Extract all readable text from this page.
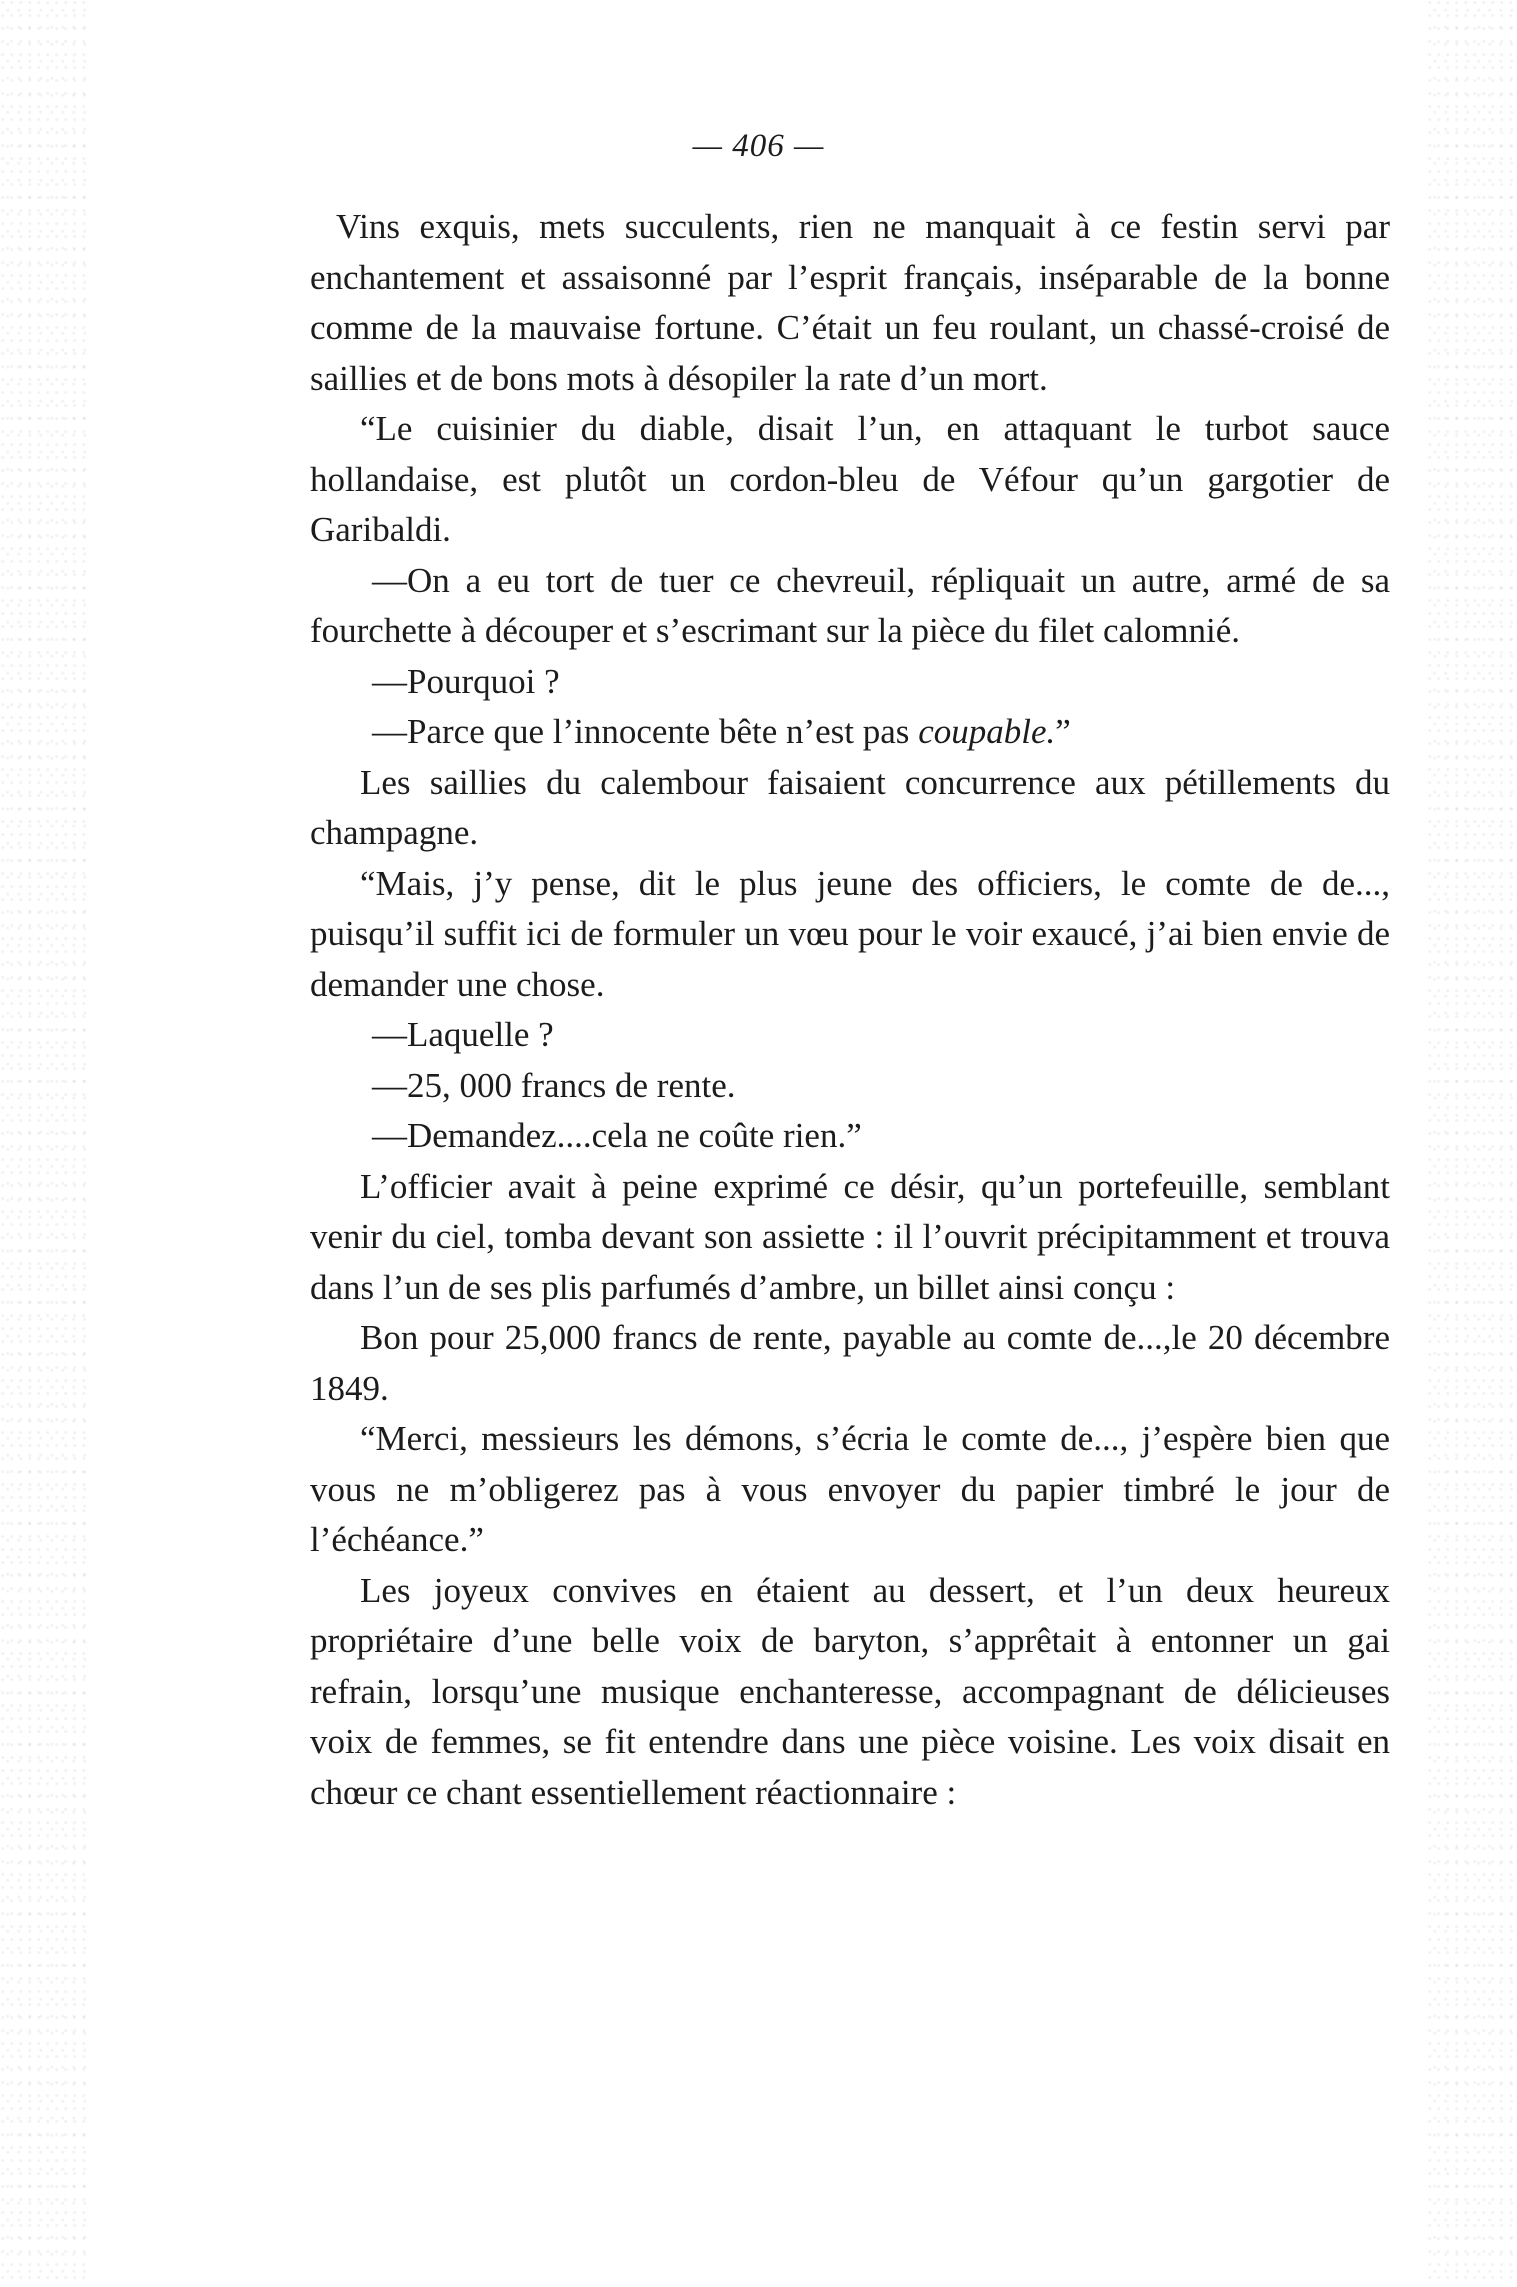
— 406 —

Vins exquis, mets succulents, rien ne manquait à ce festin servi par enchantement et assaisonné par l’esprit français, inséparable de la bonne comme de la mauvaise fortune. C’était un feu roulant, un chassé-croisé de saillies et de bons mots à désopiler la rate d’un mort.

“Le cuisinier du diable, disait l’un, en attaquant le turbot sauce hollandaise, est plutôt un cordon-bleu de Véfour qu’un gargotier de Garibaldi.

—On a eu tort de tuer ce chevreuil, répliquait un autre, armé de sa fourchette à découper et s’escrimant sur la pièce du filet calomnié.

—Pourquoi ?

—Parce que l’innocente bête n’est pas coupable.”

Les saillies du calembour faisaient concurrence aux pétillements du champagne.

“Mais, j’y pense, dit le plus jeune des officiers, le comte de de..., puisqu’il suffit ici de formuler un vœu pour le voir exaucé, j’ai bien envie de demander une chose.

—Laquelle ?

—25, 000 francs de rente.

—Demandez....cela ne coûte rien.”

L’officier avait à peine exprimé ce désir, qu’un portefeuille, semblant venir du ciel, tomba devant son assiette : il l’ouvrit précipitamment et trouva dans l’un de ses plis parfumés d’ambre, un billet ainsi conçu :

Bon pour 25,000 francs de rente, payable au comte de...,le 20 décembre 1849.

“Merci, messieurs les démons, s’écria le comte de..., j’espère bien que vous ne m’obligerez pas à vous envoyer du papier timbré le jour de l’échéance.”

Les joyeux convives en étaient au dessert, et l’un deux heureux propriétaire d’une belle voix de baryton, s’apprêtait à entonner un gai refrain, lorsqu’une musique enchanteresse, accompagnant de délicieuses voix de femmes, se fit entendre dans une pièce voisine. Les voix disait en chœur ce chant essentiellement réactionnaire :
